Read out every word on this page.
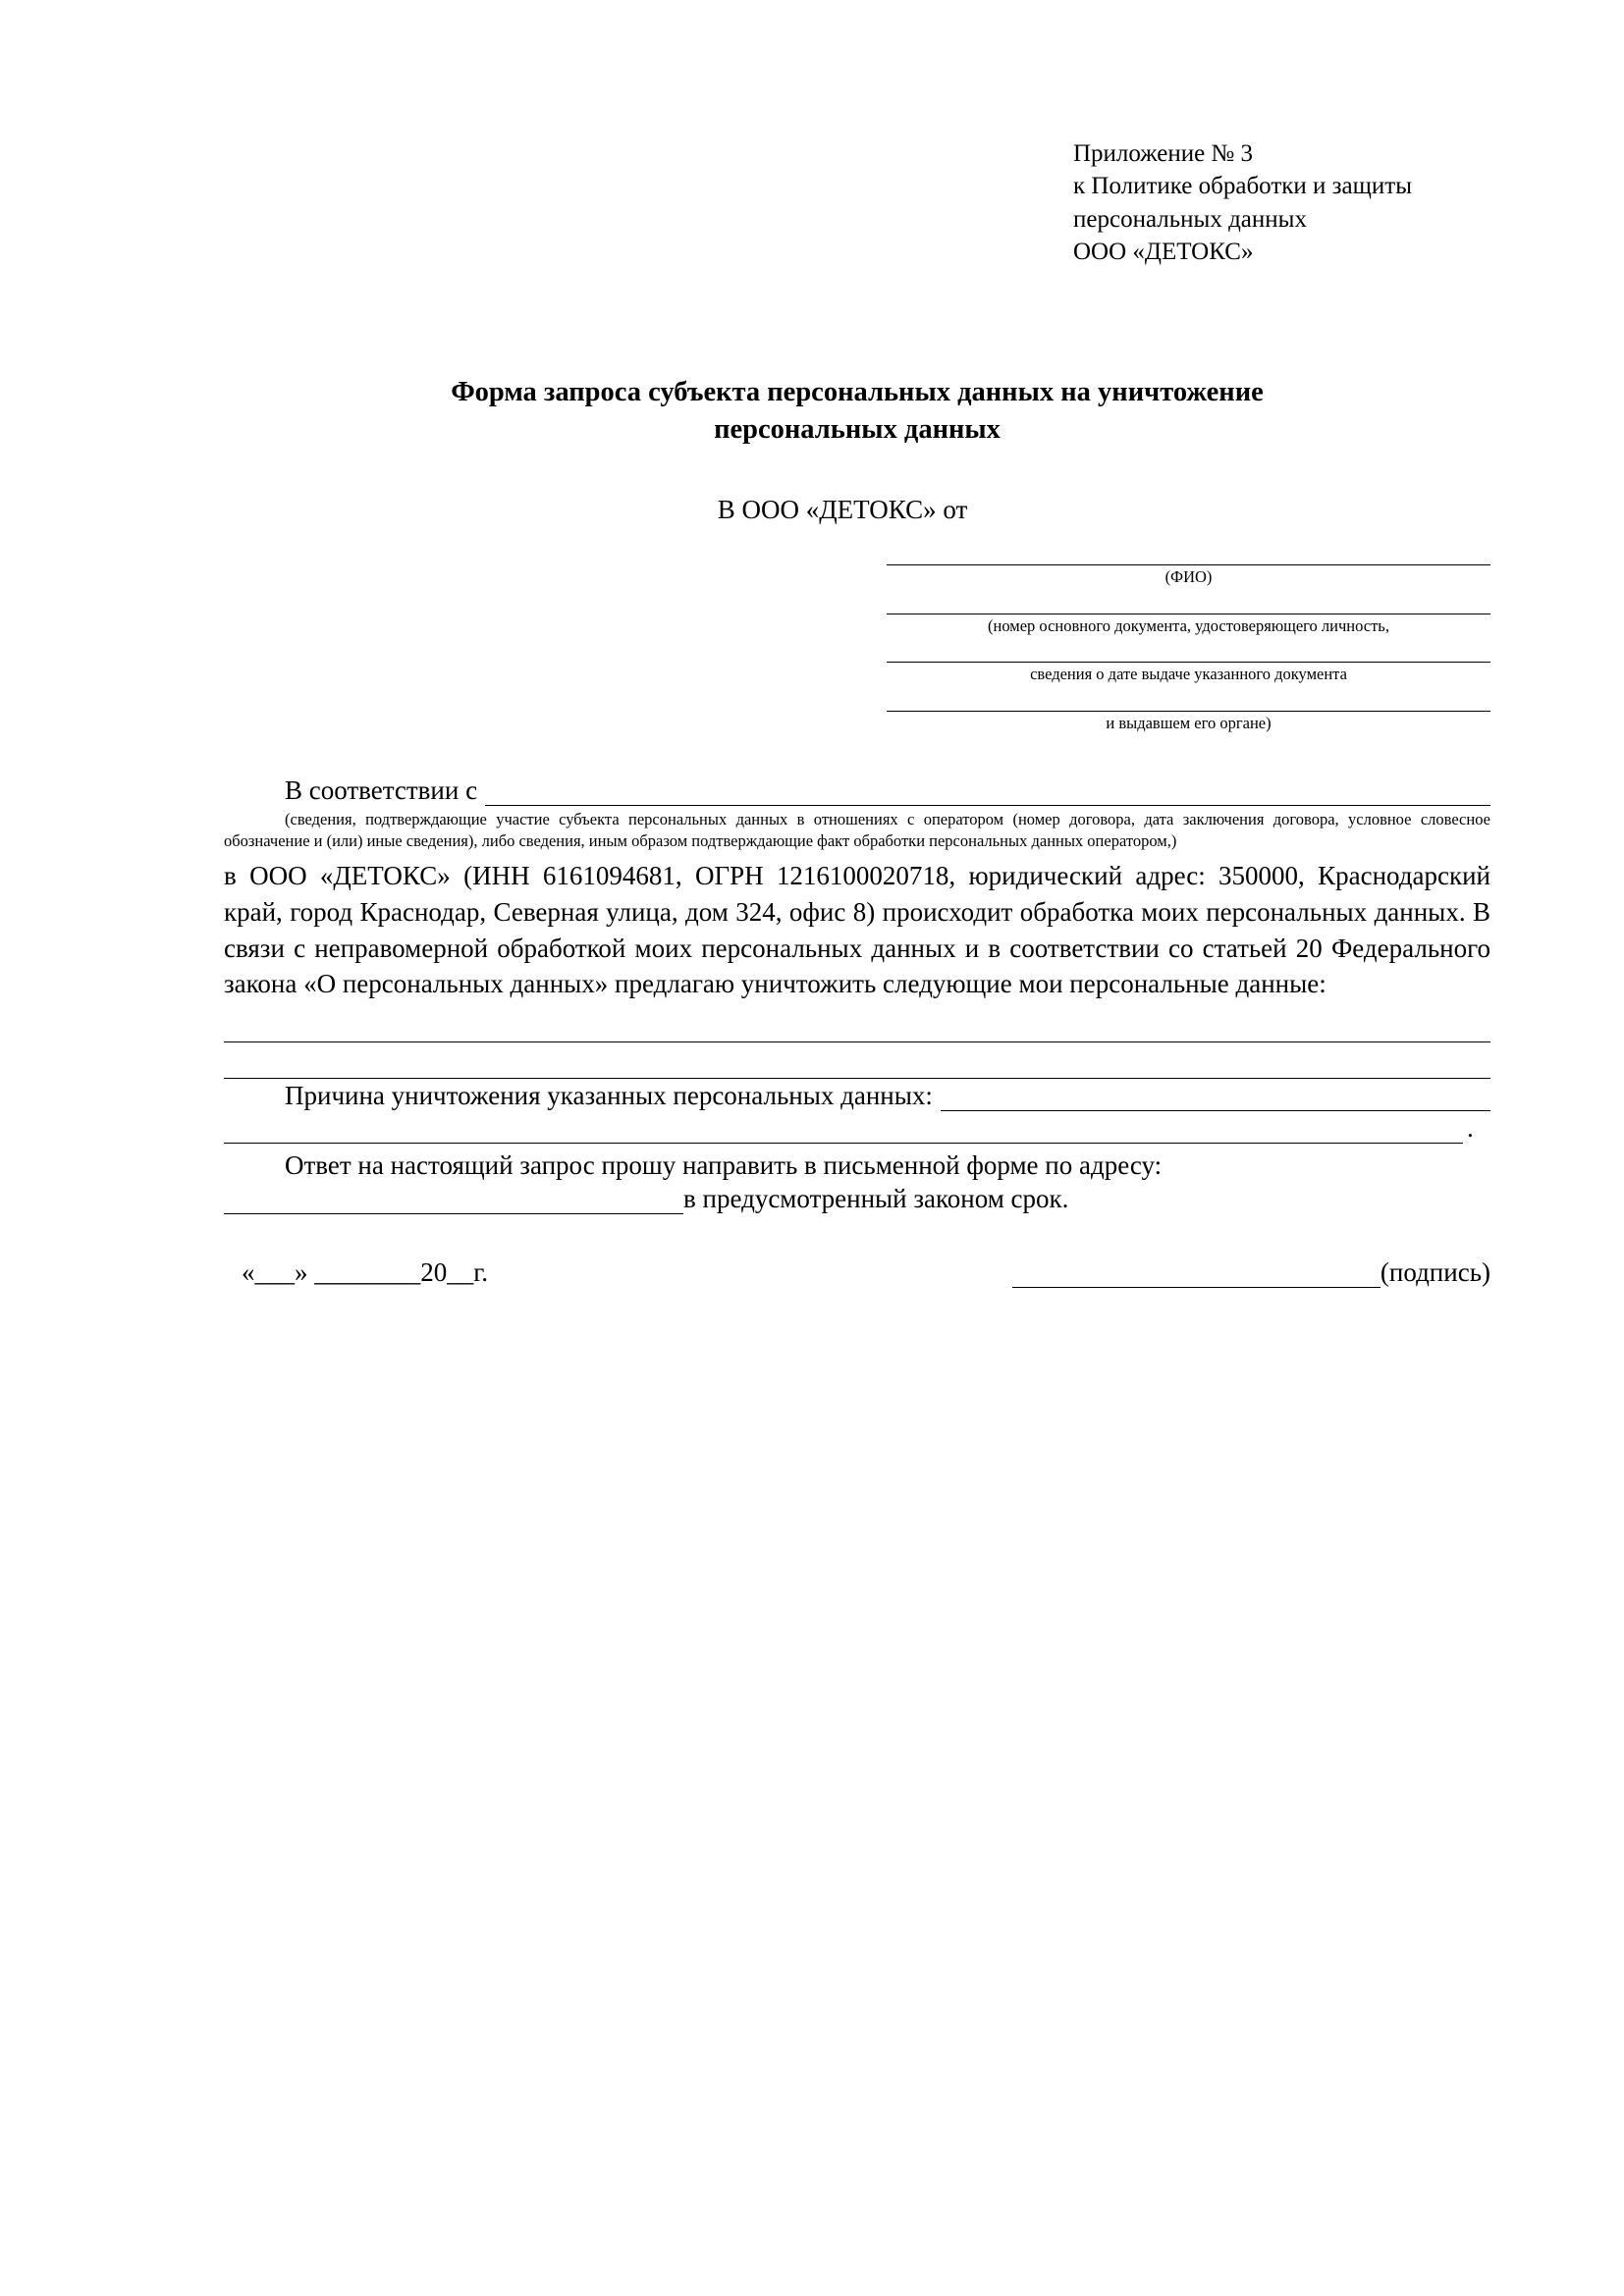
Приложение № 3
к Политике обработки и защиты
персональных данных
ООО «ДЕТОКС»
Форма запроса субъекта персональных данных на уничтожение
персональных данных
В ООО «ДЕТОКС» от
(ФИО)
(номер основного документа, удостоверяющего личность,
сведения о дате выдаче указанного документа
и выдавшем его органе)
В соответствии с
(сведения, подтверждающие участие субъекта персональных данных в отношениях с оператором (номер договора, дата заключения договора, условное словесное обозначение и (или) иные сведения), либо сведения, иным образом подтверждающие факт обработки персональных данных оператором,)
в ООО «ДЕТОКС» (ИНН 6161094681, ОГРН 1216100020718, юридический адрес: 350000, Краснодарский край, город Краснодар, Северная улица, дом 324, офис 8) происходит обработка моих персональных данных. В связи с неправомерной обработкой моих персональных данных и в соответствии со статьей 20 Федерального закона «О персональных данных» предлагаю уничтожить следующие мои персональные данные:
Причина уничтожения указанных персональных данных:
.
Ответ на настоящий запрос прошу направить в письменной форме по адресу:
в предусмотренный законом срок.
«___» ________20__г.	(подпись)
